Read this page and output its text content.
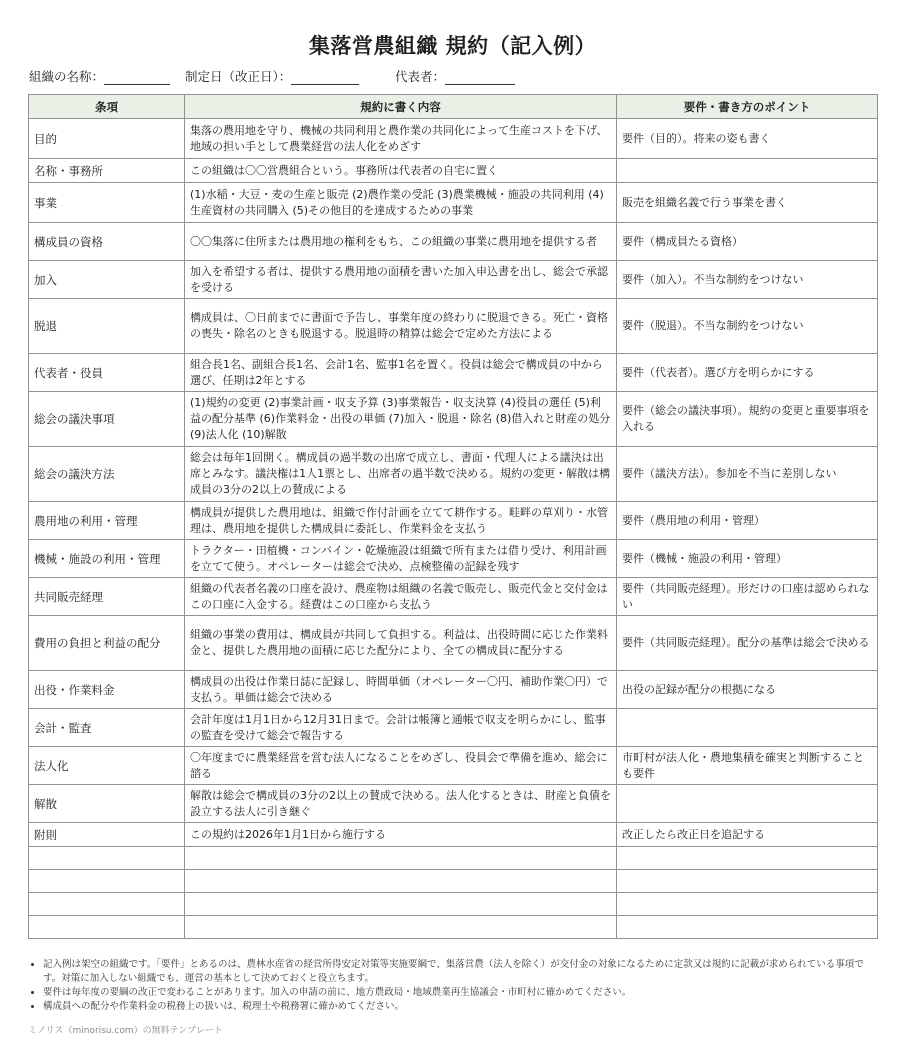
集落営農組織 規約（記入例）
組織の名称：	制定日（改正日）：	代表者：
条項	規約に書く内容	要件・書き方のポイント
目的	集落の農用地を守り、機械の共同利用と農作業の共同化によって生産コストを下げ、地域の担い手として農業経営の法人化をめざす	要件（目的）。将来の姿も書く
名称・事務所	この組織は〇〇営農組合という。事務所は代表者の自宅に置く	
事業	(1)水稲・大豆・麦の生産と販売 (2)農作業の受託 (3)農業機械・施設の共同利用 (4)生産資材の共同購入 (5)その他目的を達成するための事業	販売を組織名義で行う事業を書く
構成員の資格	〇〇集落に住所または農用地の権利をもち、この組織の事業に農用地を提供する者	要件（構成員たる資格）
加入	加入を希望する者は、提供する農用地の面積を書いた加入申込書を出し、総会で承認を受ける	要件（加入）。不当な制約をつけない
脱退	構成員は、〇日前までに書面で予告し、事業年度の終わりに脱退できる。死亡・資格の喪失・除名のときも脱退する。脱退時の精算は総会で定めた方法による	要件（脱退）。不当な制約をつけない
代表者・役員	組合長1名、副組合長1名、会計1名、監事1名を置く。役員は総会で構成員の中から選び、任期は2年とする	要件（代表者）。選び方を明らかにする
総会の議決事項	(1)規約の変更 (2)事業計画・収支予算 (3)事業報告・収支決算 (4)役員の選任 (5)利益の配分基準 (6)作業料金・出役の単価 (7)加入・脱退・除名 (8)借入れと財産の処分 (9)法人化 (10)解散	要件（総会の議決事項）。規約の変更と重要事項を入れる
総会の議決方法	総会は毎年1回開く。構成員の過半数の出席で成立し、書面・代理人による議決は出席とみなす。議決権は1人1票とし、出席者の過半数で決める。規約の変更・解散は構成員の3分の2以上の賛成による	要件（議決方法）。参加を不当に差別しない
農用地の利用・管理	構成員が提供した農用地は、組織で作付計画を立てて耕作する。畦畔の草刈り・水管理は、農用地を提供した構成員に委託し、作業料金を支払う	要件（農用地の利用・管理）
機械・施設の利用・管理	トラクター・田植機・コンバイン・乾燥施設は組織で所有または借り受け、利用計画を立てて使う。オペレーターは総会で決め、点検整備の記録を残す	要件（機械・施設の利用・管理）
共同販売経理	組織の代表者名義の口座を設け、農産物は組織の名義で販売し、販売代金と交付金はこの口座に入金する。経費はこの口座から支払う	要件（共同販売経理）。形だけの口座は認められない
費用の負担と利益の配分	組織の事業の費用は、構成員が共同して負担する。利益は、出役時間に応じた作業料金と、提供した農用地の面積に応じた配分により、全ての構成員に配分する	要件（共同販売経理）。配分の基準は総会で決める
出役・作業料金	構成員の出役は作業日誌に記録し、時間単価（オペレーター〇円、補助作業〇円）で支払う。単価は総会で決める	出役の記録が配分の根拠になる
会計・監査	会計年度は1月1日から12月31日まで。会計は帳簿と通帳で収支を明らかにし、監事の監査を受けて総会で報告する	
法人化	〇年度までに農業経営を営む法人になることをめざし、役員会で準備を進め、総会に諮る	市町村が法人化・農地集積を確実と判断することも要件
解散	解散は総会で構成員の3分の2以上の賛成で決める。法人化するときは、財産と負債を設立する法人に引き継ぐ	
附則	この規約は2026年1月1日から施行する	改正したら改正日を追記する

• 記入例は架空の組織です。「要件」とあるのは、農林水産省の経営所得安定対策等実施要綱で、集落営農（法人を除く）が交付金の対象になるために定款又は規約に記載が求められている事項です。対策に加入しない組織でも、運営の基本として決めておくと役立ちます。
• 要件は毎年度の要綱の改正で変わることがあります。加入の申請の前に、地方農政局・地域農業再生協議会・市町村に確かめてください。
• 構成員への配分や作業料金の税務上の扱いは、税理士や税務署に確かめてください。
ミノリス（minorisu.com）の無料テンプレート
